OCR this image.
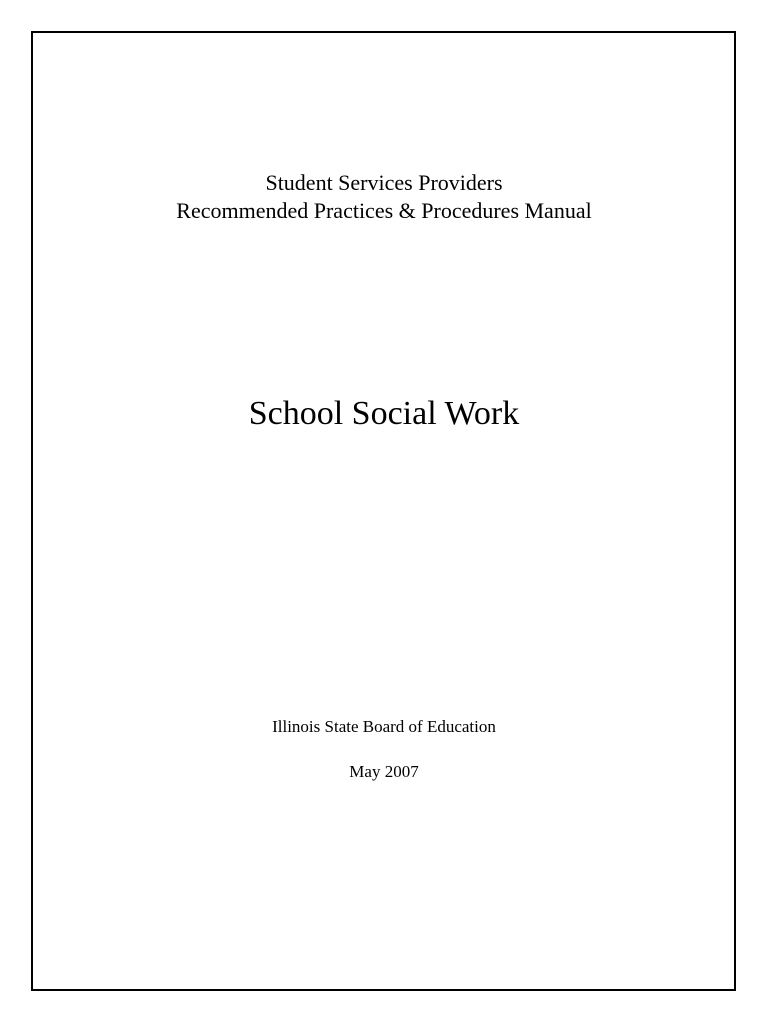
Student Services Providers
Recommended Practices & Procedures Manual
School Social Work
Illinois State Board of Education
May 2007
